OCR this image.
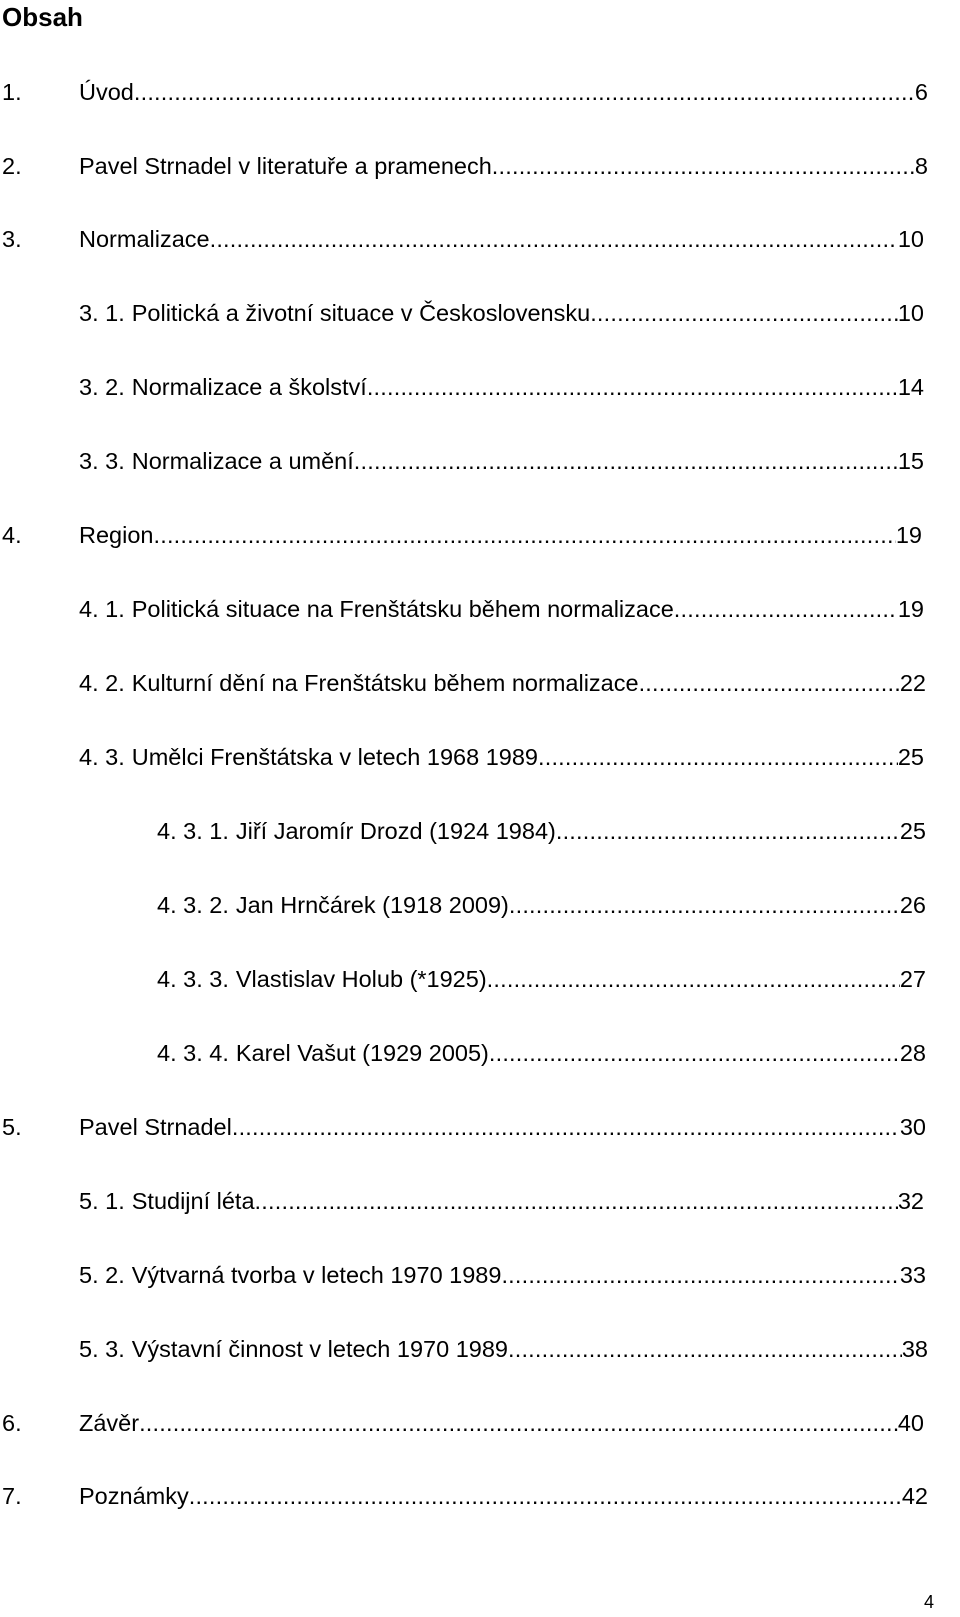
Obsah
1.	Úvod .....	6
2.	Pavel Strnadel v literatuře a pramenech .....	8
3.	Normalizace .....	10
3. 1. Politická a životní situace v Československu .....	10
3. 2. Normalizace a školství .....	14
3. 3. Normalizace a umění .....	15
4.	Region .....	19
4. 1. Politická situace na Frenštátsku během normalizace .....	19
4. 2. Kulturní dění na Frenštátsku během normalizace .....	22
4. 3. Umělci Frenštátska v letech 1968 1989 .....	25
4. 3. 1. Jiří Jaromír Drozd (1924 1984) .....	25
4. 3. 2. Jan Hrnčárek (1918 2009) .....	26
4. 3. 3. Vlastislav Holub (*1925) .....	27
4. 3. 4. Karel Vašut (1929 2005) .....	28
5.	Pavel Strnadel .....	30
5. 1. Studijní léta .....	32
5. 2. Výtvarná tvorba v letech 1970 1989 .....	33
5. 3. Výstavní činnost v letech 1970 1989 .....	38
6.	Závěr .....	40
7.	Poznámky .....	42
4
